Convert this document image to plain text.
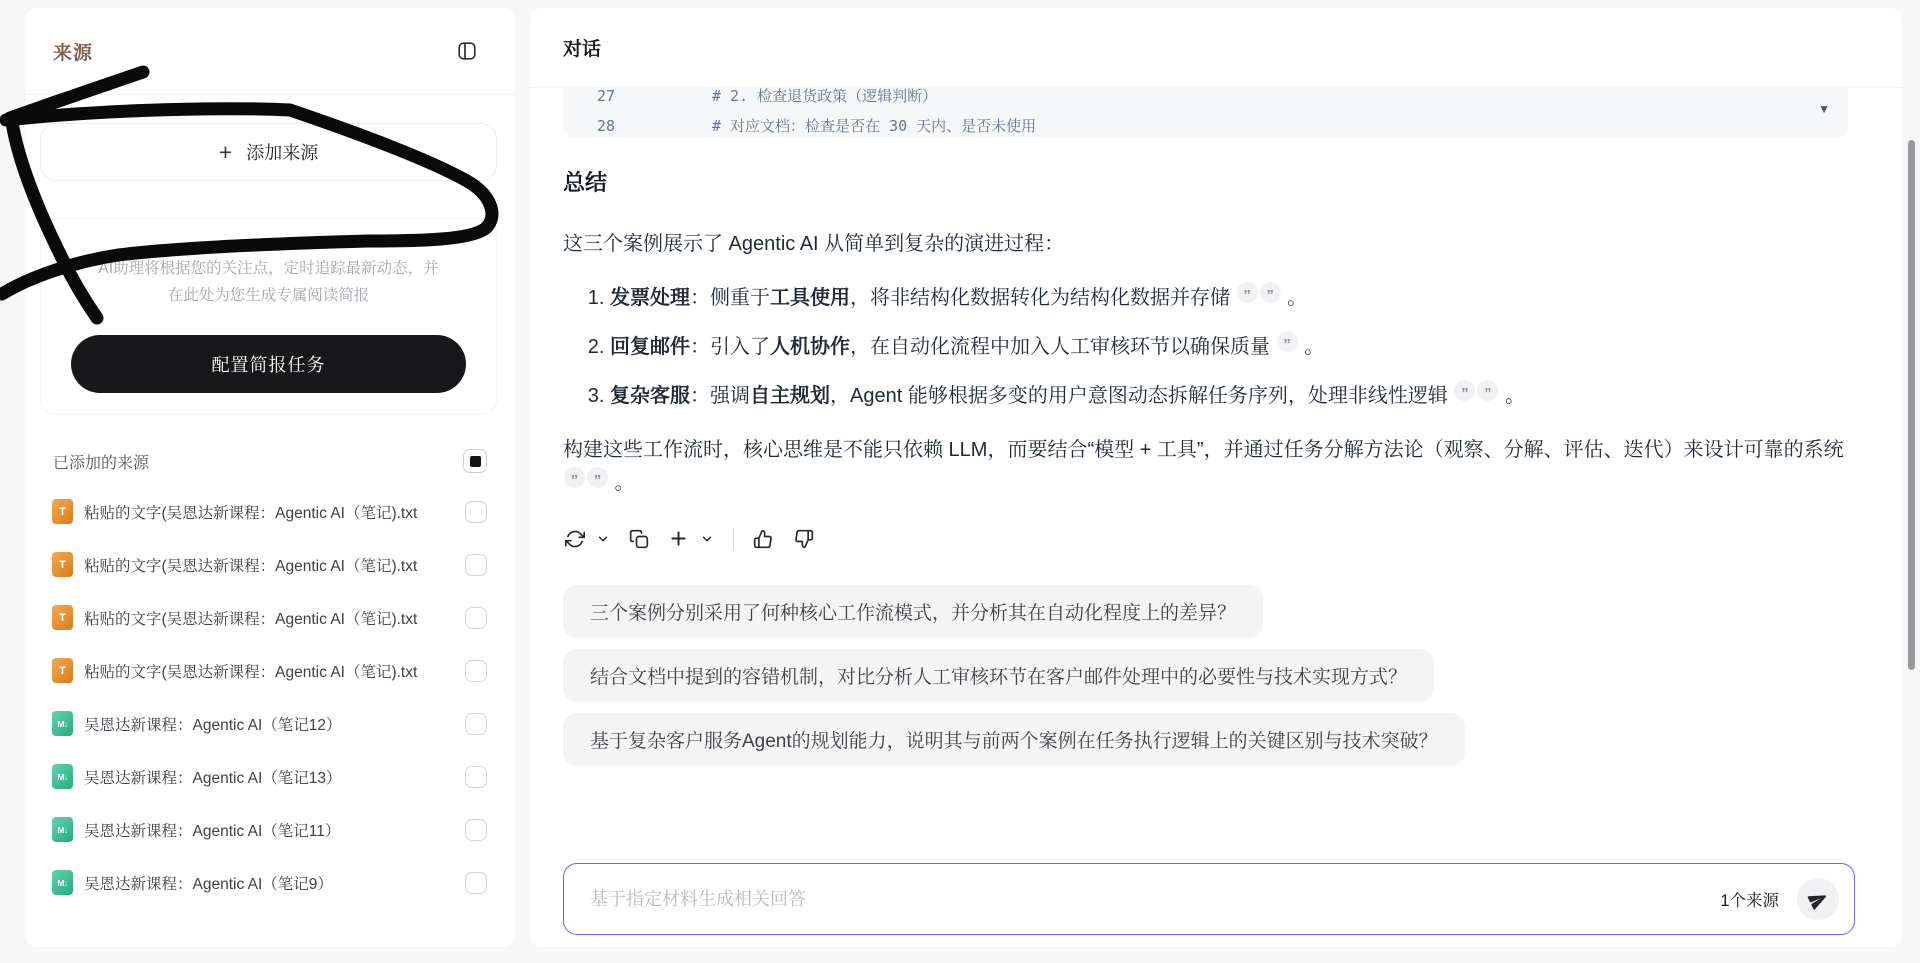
来源
+ 添加来源

AI助理将根据您的关注点，定时追踪最新动态，并
在此处为您生成专属阅读简报

配置简报任务
已添加的来源
T	粘贴的文字(吴恩达新课程：Agentic AI（笔记).txt
T	粘贴的文字(吴恩达新课程：Agentic AI（笔记).txt
T	粘贴的文字(吴恩达新课程：Agentic AI（笔记).txt
T	粘贴的文字(吴恩达新课程：Agentic AI（笔记).txt
M↓	吴恩达新课程：Agentic AI（笔记12）
M↓	吴恩达新课程：Agentic AI（笔记13）
M↓	吴恩达新课程：Agentic AI（笔记11）
M↓	吴恩达新课程：Agentic AI（笔记9）
对话
27	# 2. 检查退货政策（逻辑判断）
28	# 对应文档：检查是否在 30 天内、是否未使用
▼
总结

这三个案例展示了 Agentic AI 从简单到复杂的演进过程：

1. 发票处理：侧重于工具使用，将非结构化数据转化为结构化数据并存储 ” ” 。
2. 回复邮件：引入了人机协作，在自动化流程中加入人工审核环节以确保质量 ” 。
3. 复杂客服：强调自主规划，Agent 能够根据多变的用户意图动态拆解任务序列，处理非线性逻辑 ” ” 。

构建这些工作流时，核心思维是不能只依赖 LLM，而要结合“模型 + 工具”，并通过任务分解方法论（观察、分解、评估、迭代）来设计可靠的系统 ” ” 。

三个案例分别采用了何种核心工作流模式，并分析其在自动化程度上的差异？
结合文档中提到的容错机制，对比分析人工审核环节在客户邮件处理中的必要性与技术实现方式？
基于复杂客户服务Agent的规划能力，说明其与前两个案例在任务执行逻辑上的关键区别与技术突破？
基于指定材料生成相关回答
1个来源
